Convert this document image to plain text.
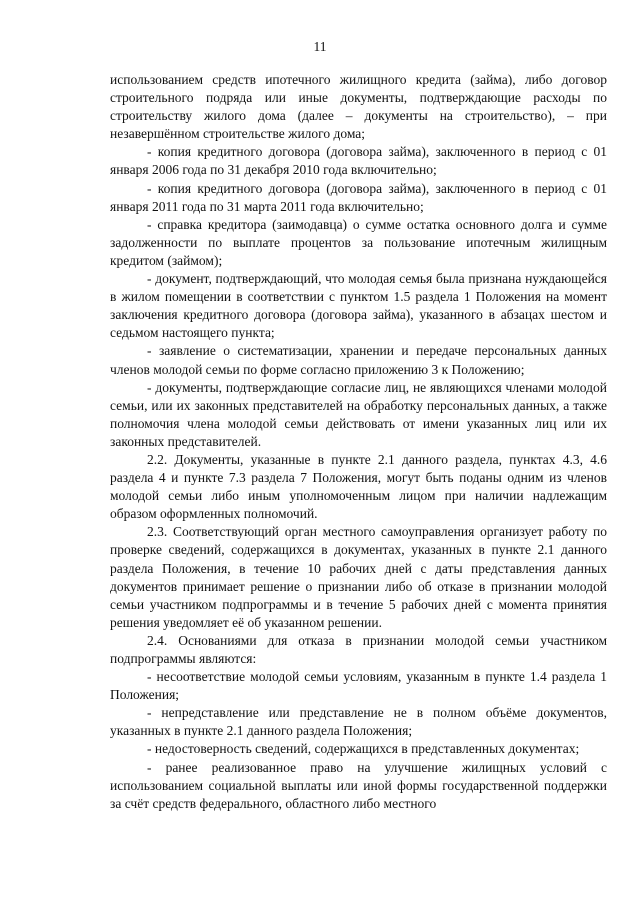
11

использованием средств ипотечного жилищного кредита (займа), либо договор строительного подряда или иные документы, подтверждающие расходы по строительству жилого дома (далее – документы на строительство), – при незавершённом строительстве жилого дома;

- копия кредитного договора (договора займа), заключенного в период с 01 января 2006 года по 31 декабря 2010 года включительно;

- копия кредитного договора (договора займа), заключенного в период с 01 января 2011 года по 31 марта 2011 года включительно;

- справка кредитора (заимодавца) о сумме остатка основного долга и сумме задолженности по выплате процентов за пользование ипотечным жилищным кредитом (займом);

- документ, подтверждающий, что молодая семья была признана нуждающейся в жилом помещении в соответствии с пунктом 1.5 раздела 1 Положения на момент заключения кредитного договора (договора займа), указанного в абзацах шестом и седьмом настоящего пункта;

- заявление о систематизации, хранении и передаче персональных данных членов молодой семьи по форме согласно приложению 3 к Положению;

- документы, подтверждающие согласие лиц, не являющихся членами молодой семьи, или их законных представителей на обработку персональных данных, а также полномочия члена молодой семьи действовать от имени указанных лиц или их законных представителей.

2.2. Документы, указанные в пункте 2.1 данного раздела, пунктах 4.3, 4.6 раздела 4 и пункте 7.3 раздела 7 Положения, могут быть поданы одним из членов молодой семьи либо иным уполномоченным лицом при наличии надлежащим образом оформленных полномочий.

2.3. Соответствующий орган местного самоуправления организует работу по проверке сведений, содержащихся в документах, указанных в пункте 2.1 данного раздела Положения, в течение 10 рабочих дней с даты представления данных документов принимает решение о признании либо об отказе в признании молодой семьи участником подпрограммы и в течение 5 рабочих дней с момента принятия решения уведомляет её об указанном решении.

2.4. Основаниями для отказа в признании молодой семьи участником подпрограммы являются:

- несоответствие молодой семьи условиям, указанным в пункте 1.4 раздела 1 Положения;

- непредставление или представление не в полном объёме документов, указанных в пункте 2.1 данного раздела Положения;

- недостоверность сведений, содержащихся в представленных документах;

- ранее реализованное право на улучшение жилищных условий с использованием социальной выплаты или иной формы государственной поддержки за счёт средств федерального, областного либо местного
